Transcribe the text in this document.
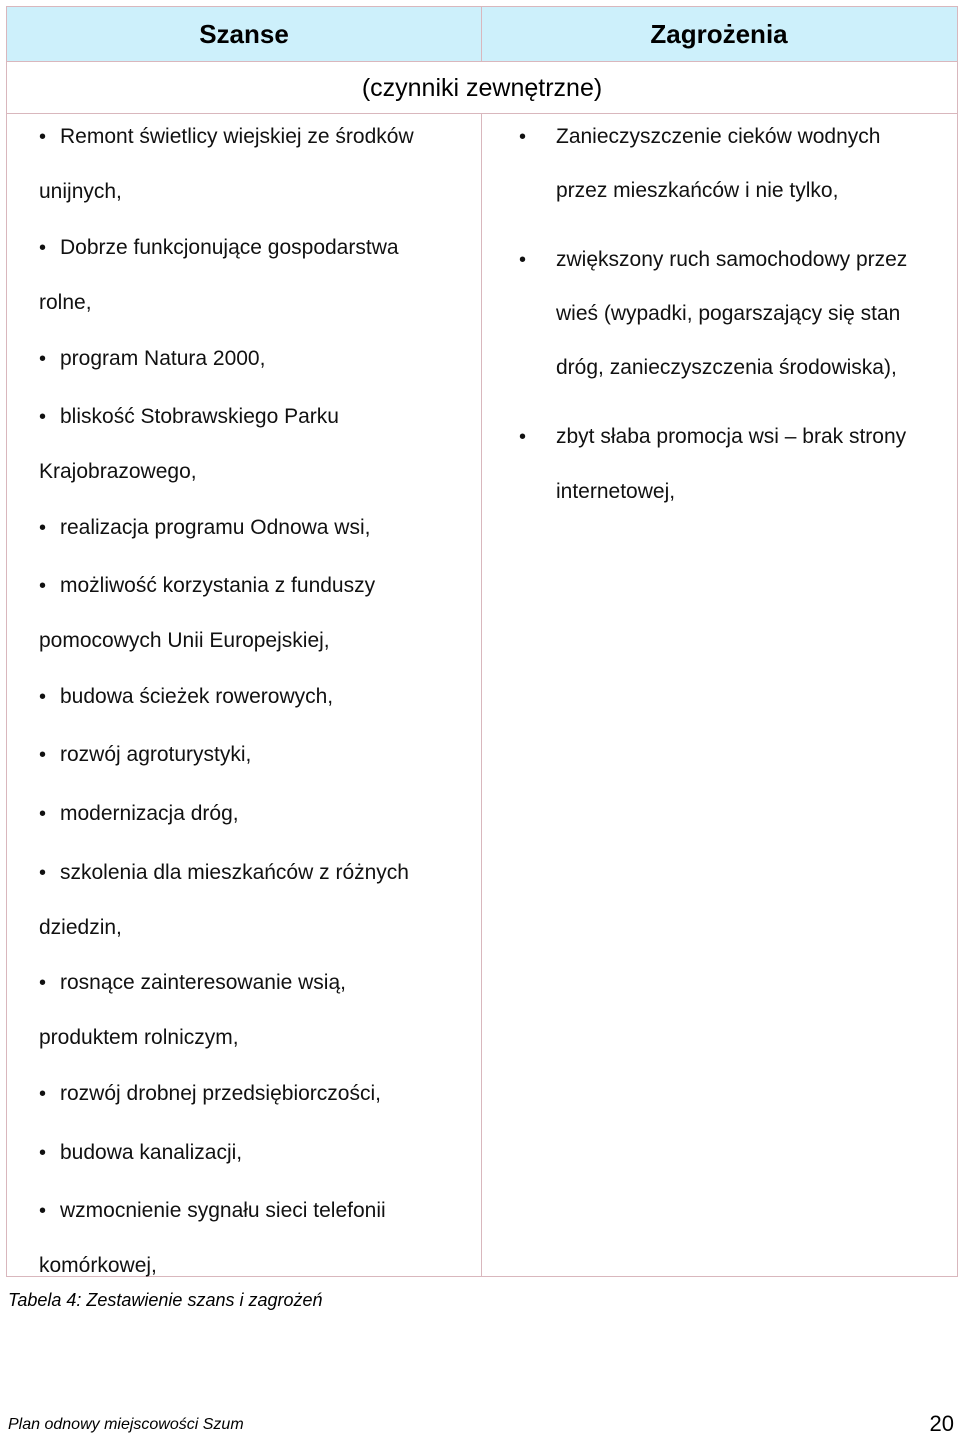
Szanse	Zagrożenia
(czynniki zewnętrzne)
• Remont świetlicy wiejskiej ze środków
unijnych,
• Dobrze funkcjonujące gospodarstwa
rolne,
• program Natura 2000,
• bliskość Stobrawskiego Parku
Krajobrazowego,
• realizacja programu Odnowa wsi,
• możliwość korzystania z funduszy
pomocowych Unii Europejskiej,
• budowa ścieżek rowerowych,
• rozwój agroturystyki,
• modernizacja dróg,
• szkolenia dla mieszkańców z różnych
dziedzin,
• rosnące zainteresowanie wsią,
produktem rolniczym,
• rozwój drobnej przedsiębiorczości,
• budowa kanalizacji,
• wzmocnienie sygnału sieci telefonii
komórkowej,
• Zanieczyszczenie cieków wodnych
przez mieszkańców i nie tylko,
• zwiększony ruch samochodowy przez
wieś (wypadki, pogarszający się stan
dróg, zanieczyszczenia środowiska),
• zbyt słaba promocja wsi – brak strony
internetowej,
Tabela 4: Zestawienie szans i zagrożeń
Plan odnowy miejscowości Szum	20
